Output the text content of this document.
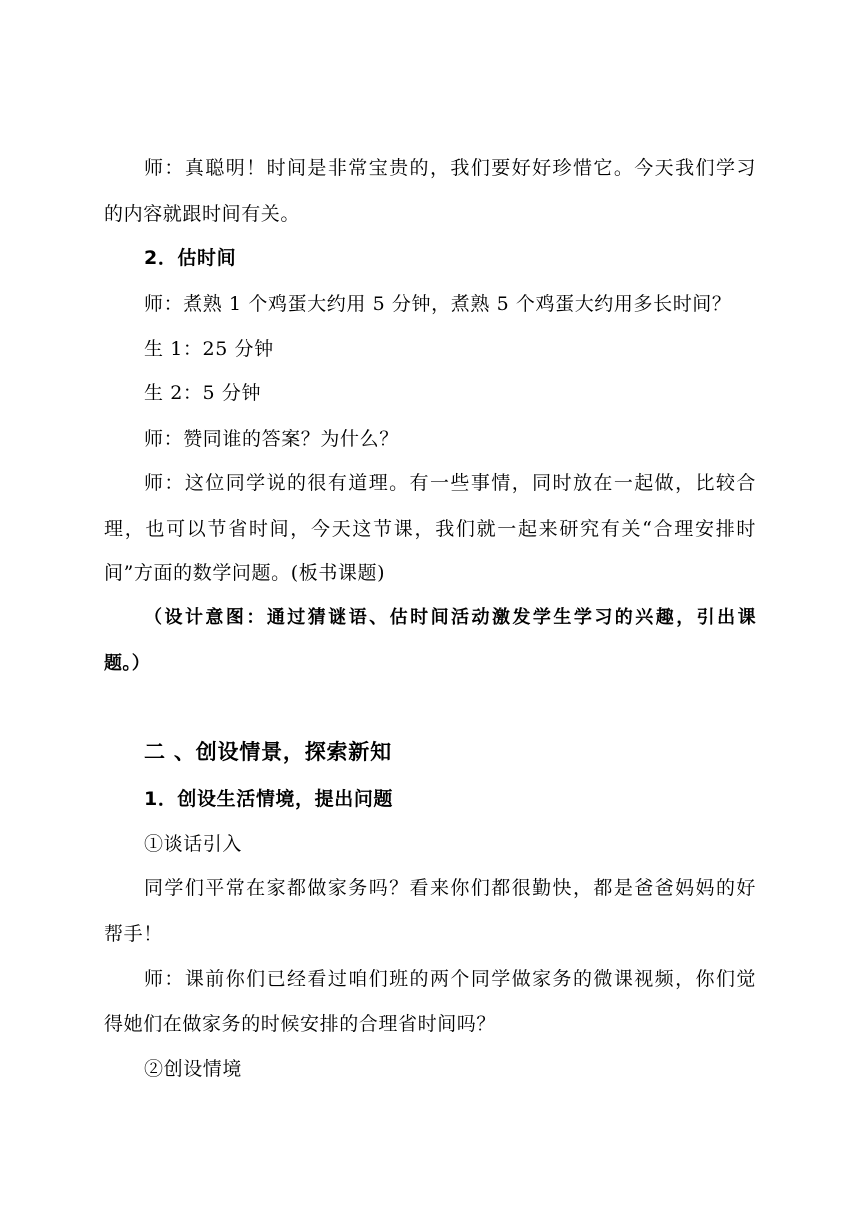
师：真聪明！时间是非常宝贵的，我们要好好珍惜它。今天我们学习
的内容就跟时间有关。
2．估时间
师：煮熟 1 个鸡蛋大约用 5 分钟，煮熟 5 个鸡蛋大约用多长时间？
生 1：25 分钟
生 2：5 分钟
师：赞同谁的答案？为什么？
师：这位同学说的很有道理。有一些事情，同时放在一起做，比较合
理，也可以节省时间，今天这节课，我们就一起来研究有关“合理安排时
间”方面的数学问题。(板书课题)
（设计意图：通过猜谜语、估时间活动激发学生学习的兴趣，引出课
题。）
二 、创设情景，探索新知
1．创设生活情境，提出问题
①谈话引入
同学们平常在家都做家务吗？看来你们都很勤快，都是爸爸妈妈的好
帮手！
师：课前你们已经看过咱们班的两个同学做家务的微课视频，你们觉
得她们在做家务的时候安排的合理省时间吗？
②创设情境
